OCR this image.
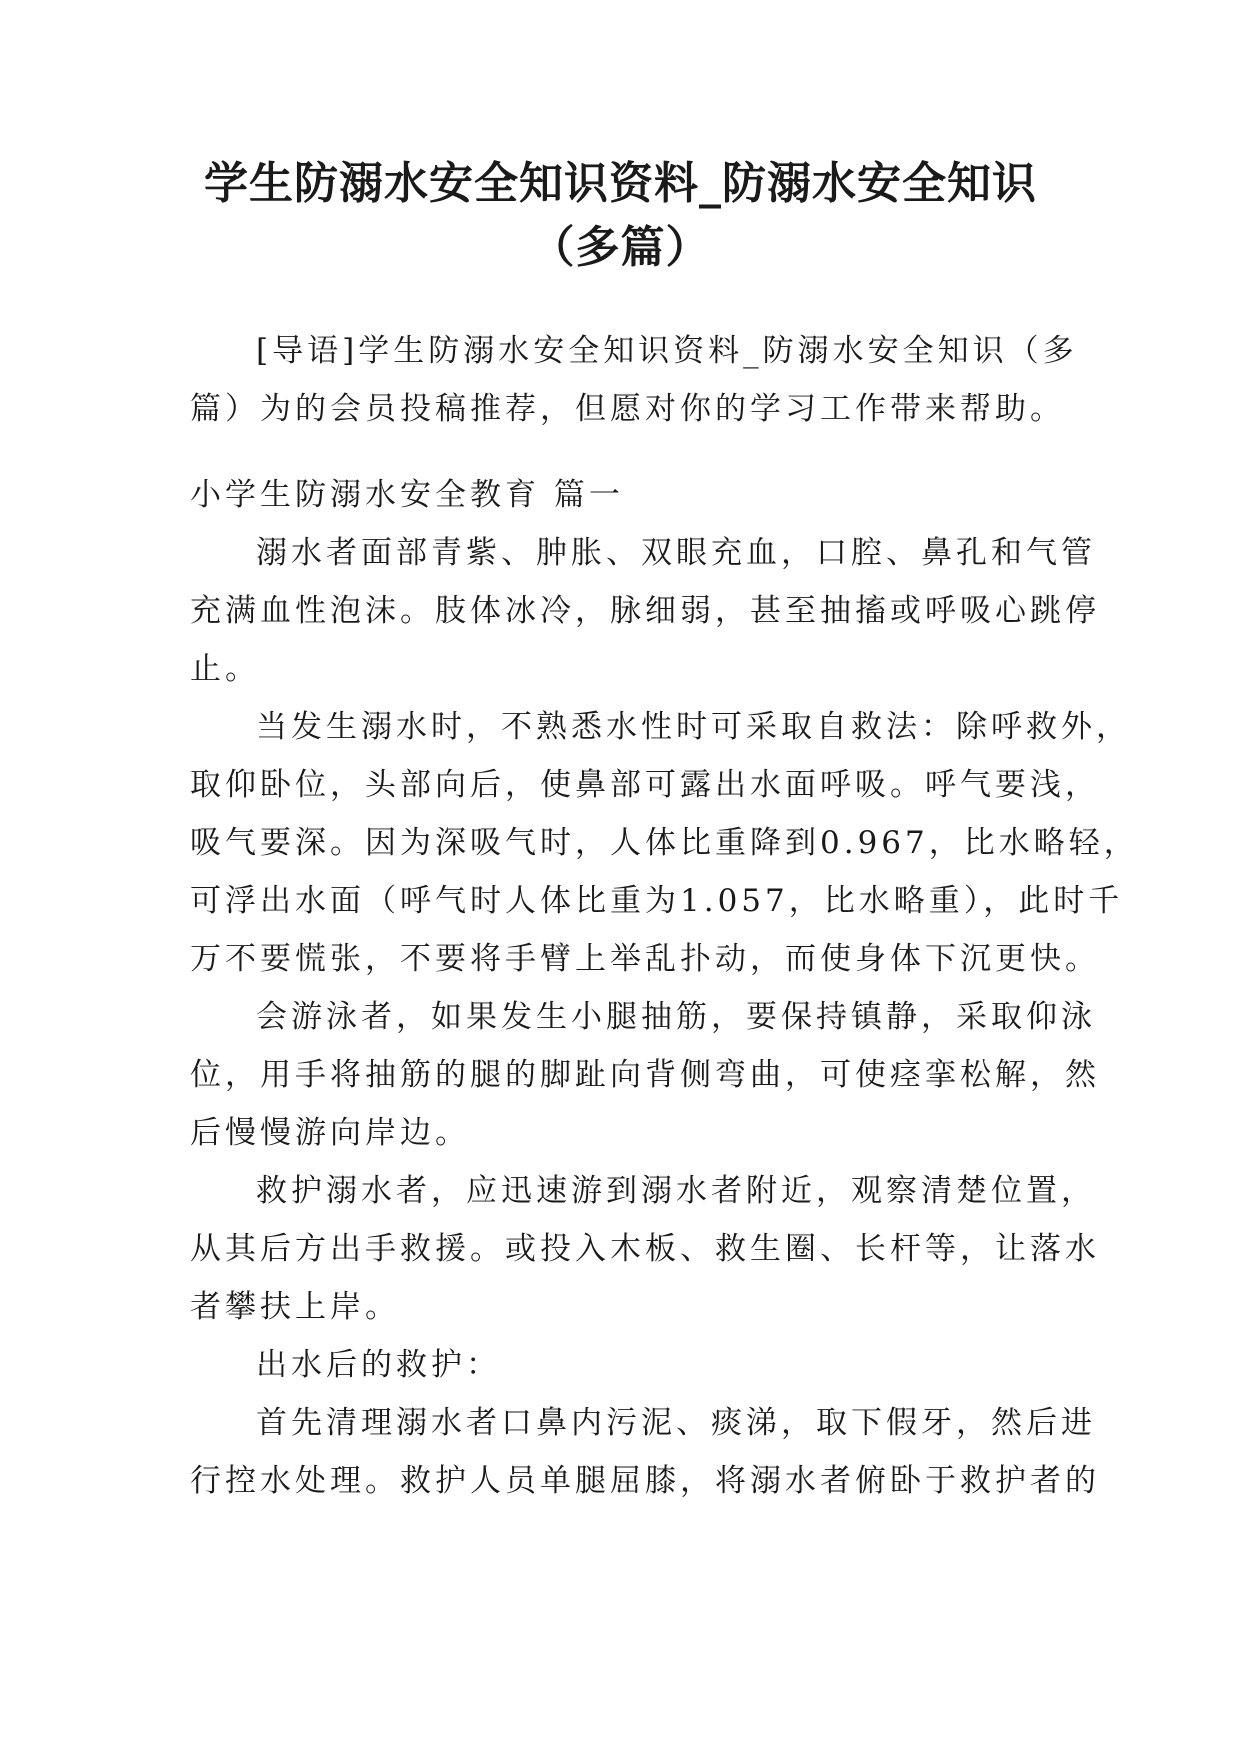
学生防溺水安全知识资料_防溺水安全知识
（多篇）
[导语]学生防溺水安全知识资料_防溺水安全知识（多
篇）为的会员投稿推荐，但愿对你的学习工作带来帮助。
小学生防溺水安全教育 篇一
溺水者面部青紫、肿胀、双眼充血，口腔、鼻孔和气管
充满血性泡沫。肢体冰冷，脉细弱，甚至抽搐或呼吸心跳停
止。
当发生溺水时，不熟悉水性时可采取自救法：除呼救外，
取仰卧位，头部向后，使鼻部可露出水面呼吸。呼气要浅，
吸气要深。因为深吸气时，人体比重降到0.967，比水略轻，
可浮出水面（呼气时人体比重为1.057，比水略重），此时千
万不要慌张，不要将手臂上举乱扑动，而使身体下沉更快。
会游泳者，如果发生小腿抽筋，要保持镇静，采取仰泳
位，用手将抽筋的腿的脚趾向背侧弯曲，可使痉挛松解，然
后慢慢游向岸边。
救护溺水者，应迅速游到溺水者附近，观察清楚位置，
从其后方出手救援。或投入木板、救生圈、长杆等，让落水
者攀扶上岸。
出水后的救护：
首先清理溺水者口鼻内污泥、痰涕，取下假牙，然后进
行控水处理。救护人员单腿屈膝，将溺水者俯卧于救护者的
